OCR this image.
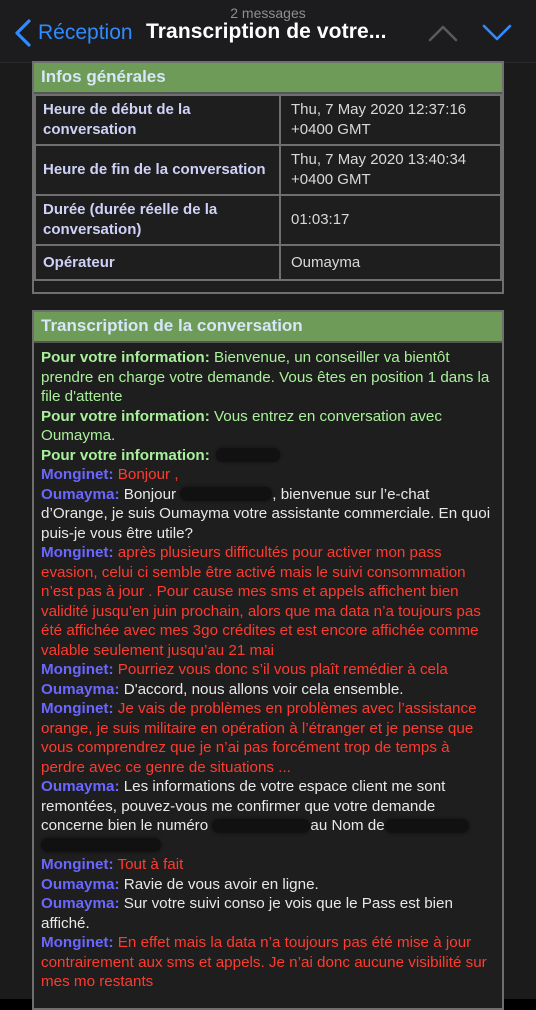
2 messages
Réception Transcription de votre...
Infos générales
Heure de début de la conversation	Thu, 7 May 2020 12:37:16 +0400 GMT
Heure de fin de la conversation	Thu, 7 May 2020 13:40:34 +0400 GMT
Durée (durée réelle de la conversation)	01:03:17
Opérateur	Oumayma
Transcription de la conversation

Pour votre information: Bienvenue, un conseiller va bientôt prendre en charge votre demande. Vous êtes en position 1 dans la file d'attente

Pour votre information: Vous entrez en conversation avec Oumayma.

Pour votre information:

Monginet: Bonjour ,

Oumayma: Bonjour	, bienvenue sur l’e-chat d’Orange, je suis Oumayma votre assistante commerciale. En quoi puis-je vous être utile?

Monginet: après plusieurs difficultés pour activer mon pass evasion, celui ci semble être activé mais le suivi consommation n’est pas à jour . Pour cause mes sms et appels affichent bien validité jusqu’en juin prochain, alors que ma data n’a toujours pas été affichée avec mes 3go crédites et est encore affichée comme valable seulement jusqu’au 21 mai

Monginet: Pourriez vous donc s’il vous plaît remédier à cela

Oumayma: D'accord, nous allons voir cela ensemble.

Monginet: Je vais de problèmes en problèmes avec l’assistance orange, je suis militaire en opération à l’étranger et je pense que vous comprendrez que je n’ai pas forcément trop de temps à perdre avec ce genre de situations ...

Oumayma: Les informations de votre espace client me sont remontées, pouvez-vous me confirmer que votre demande concerne bien le numéro	au Nom de

Monginet: Tout à fait

Oumayma: Ravie de vous avoir en ligne.

Oumayma: Sur votre suivi conso je vois que le Pass est bien affiché.

Monginet: En effet mais la data n’a toujours pas été mise à jour contrairement aux sms et appels. Je n’ai donc aucune visibilité sur mes mo restants
